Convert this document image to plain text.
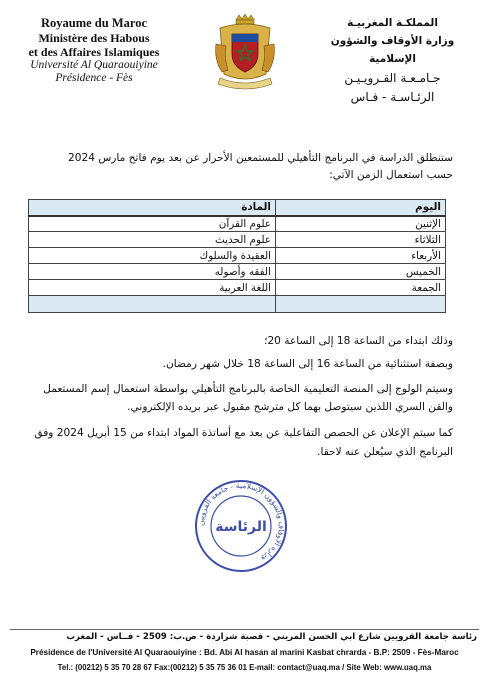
Royaume du Maroc
Ministère des Habous
et des Affaires Islamiques
Université Al Quaraouiyine
Présidence - Fès
المملكـة المغربيـة
وزارة الأوقاف والشؤون الإسلامية
جـامـعـة القـرويـيـن
الرئـاسـة - فـاس
ستنطلق الدراسة في البرنامج التأهيلي للمستمعين الأحرار عن بعد يوم فاتح مارس 2024
حسب استعمال الزمن الآتي:
اليوم	المادة
الإثنين	علوم القرآن
الثلاثاء	علوم الحديث
الأربعاء	العقيدة والسلوك
الخميس	الفقه وأصوله
الجمعة	اللغة العربية

وذلك ابتداء من الساعة 18 إلى الساعة 20؛
وبصفة استثنائية من الساعة 16 إلى الساعة 18 خلال شهر رمضان.
وسيتم الولوج إلى المنصة التعليمية الخاصة بالبرنامج التأهيلي بواسطة استعمال إسم المستعمل والقن السري اللذين سيتوصل بهما كل مترشح مقبول عبر بريده الإلكتروني.
كما سيتم الإعلان عن الحصص التفاعلية عن بعد مع أساتذة المواد ابتداء من 15 أبريل 2024 وفق البرنامج الذي سيُعلن عنه لاحقا.
وزارة الأوقاف والشؤون الإسلامية - جامعة القرويين
الرئاسة
رئاسة جامعة القرويين شارع ابي الحسن المريني - قصبة شراردة - ص.ب: 2509 - فــاس - المغرب
Présidence de l'Université Al Quaraouiyine : Bd. Abi Al hasan al marini Kasbat chrarda - B.P: 2509 - Fès-Maroc
Tel.: (00212) 5 35 70 28 67 Fax:(00212) 5 35 75 36 01 E-mail: contact@uaq.ma / Site Web: www.uaq.ma
